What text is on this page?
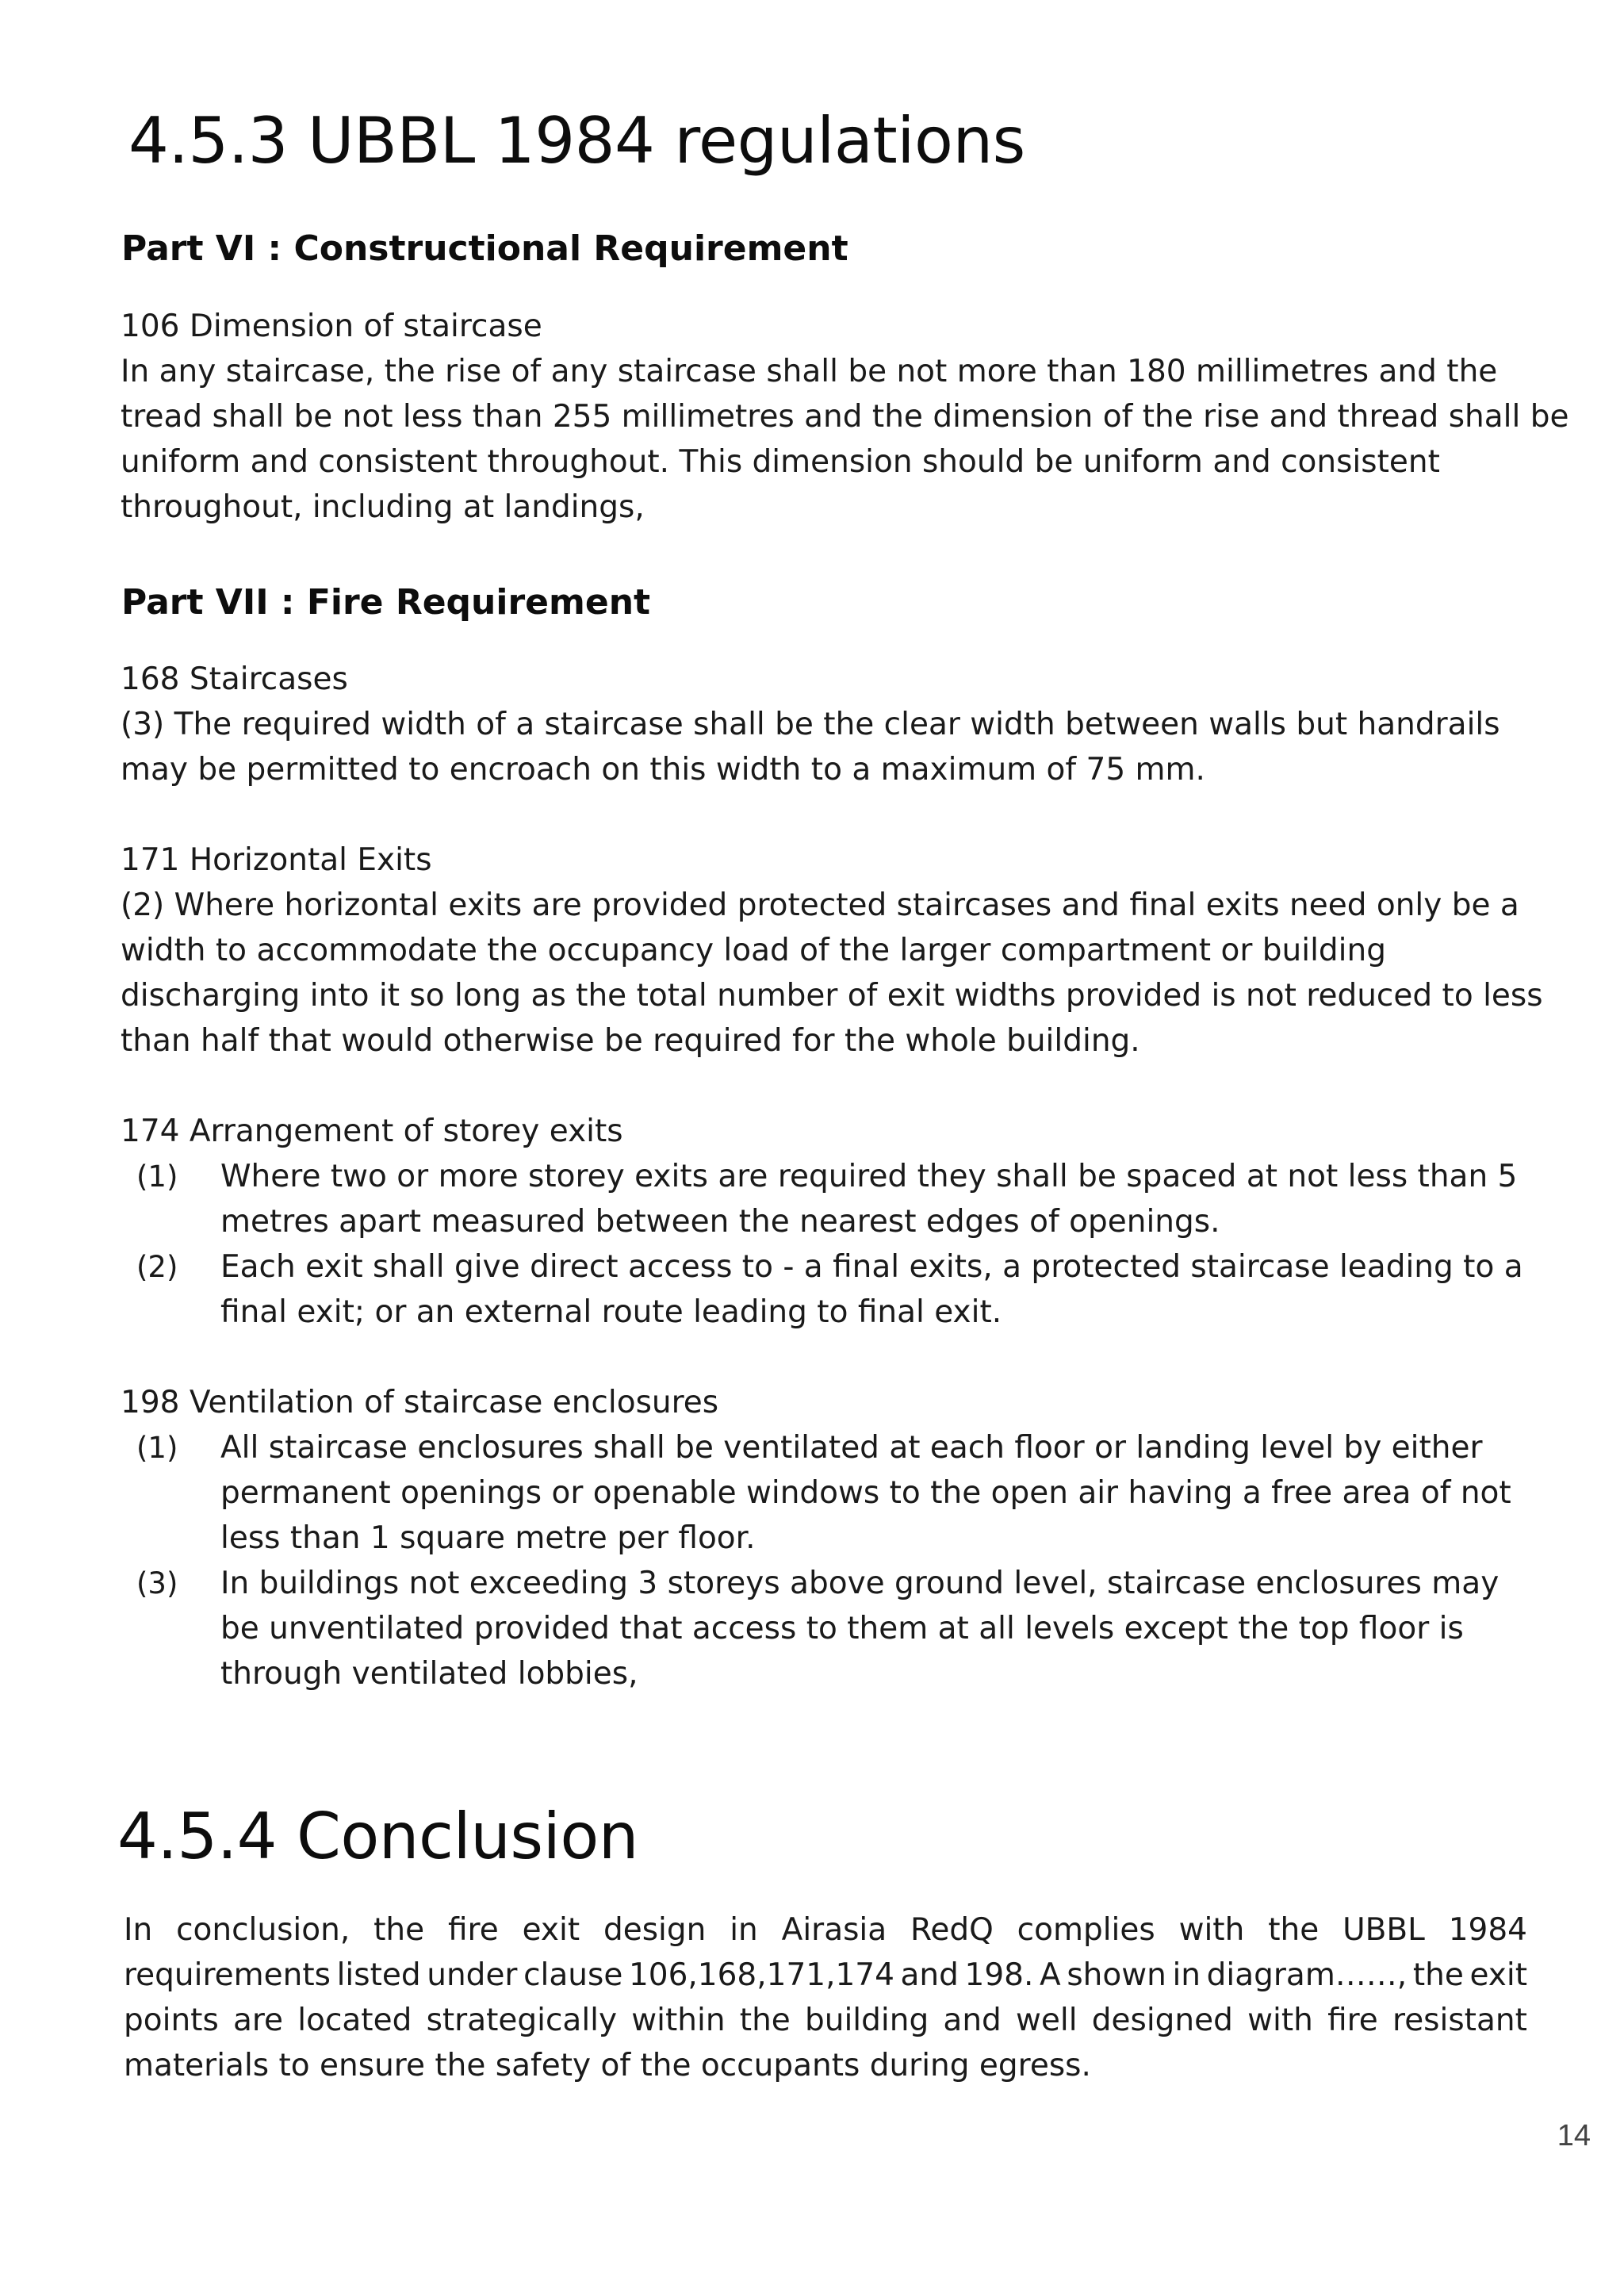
4.5.3 UBBL 1984 regulations
Part VI : Constructional Requirement
106 Dimension of staircase
In any staircase, the rise of any staircase shall be not more than 180 millimetres and the
tread shall be not less than 255 millimetres and the dimension of the rise and thread shall be
uniform and consistent throughout. This dimension should be uniform and consistent
throughout, including at landings,
Part VII : Fire Requirement
168 Staircases
(3) The required width of a staircase shall be the clear width between walls but handrails
may be permitted to encroach on this width to a maximum of 75 mm.
171 Horizontal Exits
(2) Where horizontal exits are provided protected staircases and final exits need only be a
width to accommodate the occupancy load of the larger compartment or building
discharging into it so long as the total number of exit widths provided is not reduced to less
than half that would otherwise be required for the whole building.
174 Arrangement of storey exits
(1) Where two or more storey exits are required they shall be spaced at not less than 5
metres apart measured between the nearest edges of openings.
(2) Each exit shall give direct access to - a final exits, a protected staircase leading to a
final exit; or an external route leading to final exit.
198 Ventilation of staircase enclosures
(1) All staircase enclosures shall be ventilated at each floor or landing level by either
permanent openings or openable windows to the open air having a free area of not
less than 1 square metre per floor.
(3) In buildings not exceeding 3 storeys above ground level, staircase enclosures may
be unventilated provided that access to them at all levels except the top floor is
through ventilated lobbies,
4.5.4 Conclusion
In conclusion, the fire exit design in Airasia RedQ complies with the UBBL 1984
requirements listed under clause 106,168,171,174 and 198. A shown in diagram……, the exit
points are located strategically within the building and well designed with fire resistant
materials to ensure the safety of the occupants during egress.
14
